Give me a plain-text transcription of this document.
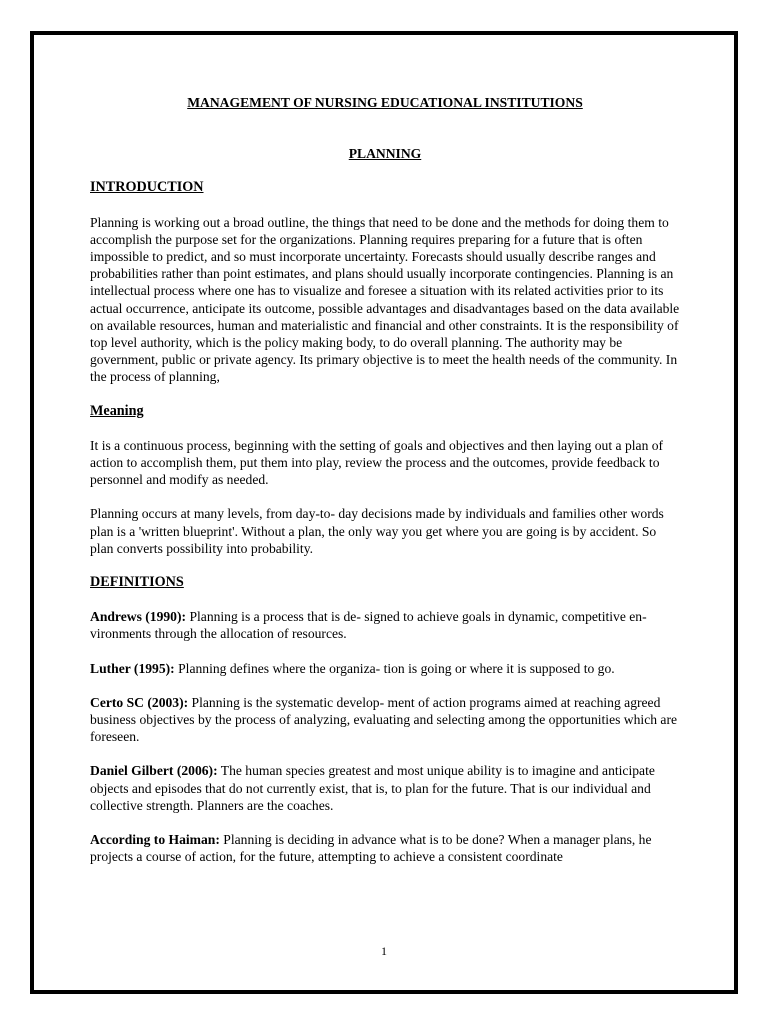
MANAGEMENT OF NURSING EDUCATIONAL INSTITUTIONS
PLANNING
INTRODUCTION

Planning is working out a broad outline, the things that need to be done and the methods for doing them to accomplish the purpose set for the organizations. Planning requires preparing for a future that is often impossible to predict, and so must incorporate uncertainty. Forecasts should usually describe ranges and probabilities rather than point estimates, and plans should usually incorporate contingencies. Planning is an intellectual process where one has to visualize and foresee a situation with its related activities prior to its actual occurrence, anticipate its outcome, possible advantages and disadvantages based on the data available on available resources, human and materialistic and financial and other constraints. It is the responsibility of top level authority, which is the policy making body, to do overall planning. The authority may be government, public or private agency. Its primary objective is to meet the health needs of the community. In the process of planning,

Meaning

It is a continuous process, beginning with the setting of goals and objectives and then laying out a plan of action to accomplish them, put them into play, review the process and the outcomes, provide feedback to personnel and modify as needed.

Planning occurs at many levels, from day-to- day decisions made by individuals and families other words plan is a 'written blueprint'. Without a plan, the only way you get where you are going is by accident. So plan converts possibility into probability.

DEFINITIONS

Andrews (1990): Planning is a process that is de- signed to achieve goals in dynamic, competitive en- vironments through the allocation of resources.

Luther (1995): Planning defines where the organiza- tion is going or where it is supposed to go.

Certo SC (2003): Planning is the systematic develop- ment of action programs aimed at reaching agreed business objectives by the process of analyzing, evaluating and selecting among the opportunities which are foreseen.

Daniel Gilbert (2006): The human species greatest and most unique ability is to imagine and anticipate objects and episodes that do not currently exist, that is, to plan for the future. That is our individual and collective strength. Planners are the coaches.

According to Haiman: Planning is deciding in advance what is to be done? When a manager plans, he projects a course of action, for the future, attempting to achieve a consistent coordinate

1
